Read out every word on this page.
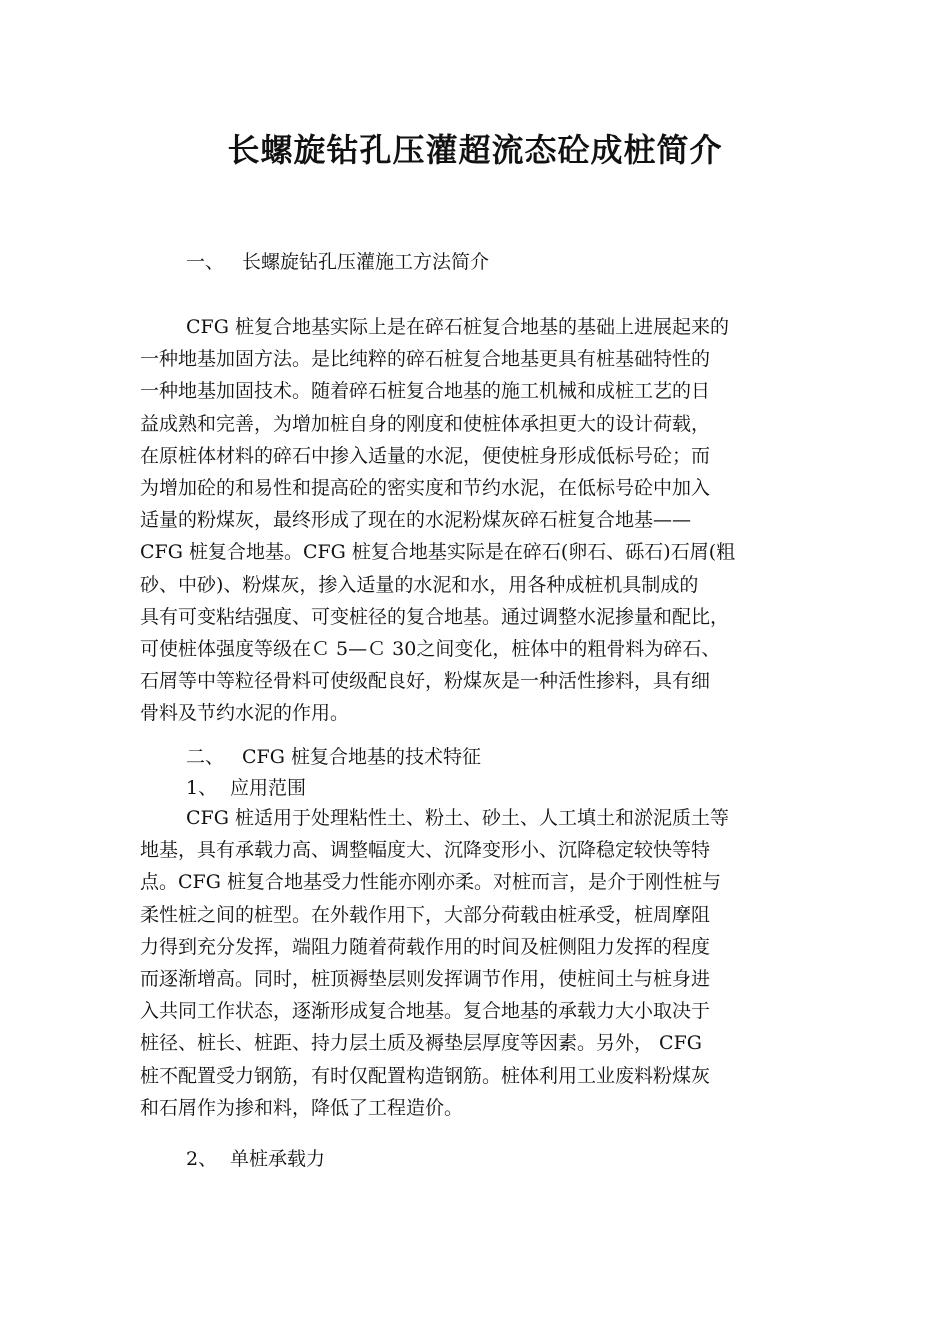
长螺旋钻孔压灌超流态砼成桩简介

一、 长螺旋钻孔压灌施工方法简介

CFG 桩复合地基实际上是在碎石桩复合地基的基础上进展起来的
一种地基加固方法。是比纯粹的碎石桩复合地基更具有桩基础特性的
一种地基加固技术。随着碎石桩复合地基的施工机械和成桩工艺的日
益成熟和完善，为增加桩自身的刚度和使桩体承担更大的设计荷载，
在原桩体材料的碎石中掺入适量的水泥，便使桩身形成低标号砼；而
为增加砼的和易性和提高砼的密实度和节约水泥，在低标号砼中加入
适量的粉煤灰，最终形成了现在的水泥粉煤灰碎石桩复合地基——
CFG 桩复合地基。CFG 桩复合地基实际是在碎石(卵石、砾石)石屑(粗
砂、中砂)、粉煤灰，掺入适量的水泥和水，用各种成桩机具制成的
具有可变粘结强度、可变桩径的复合地基。通过调整水泥掺量和配比，
可使桩体强度等级在Ｃ 5—Ｃ 30之间变化，桩体中的粗骨料为碎石、
石屑等中等粒径骨料可使级配良好，粉煤灰是一种活性掺料，具有细
骨料及节约水泥的作用。

二、 CFG 桩复合地基的技术特征

1、 应用范围

CFG 桩适用于处理粘性土、粉土、砂土、人工填土和淤泥质土等
地基，具有承载力高、调整幅度大、沉降变形小、沉降稳定较快等特
点。CFG 桩复合地基受力性能亦刚亦柔。对桩而言，是介于刚性桩与
柔性桩之间的桩型。在外载作用下，大部分荷载由桩承受，桩周摩阻
力得到充分发挥，端阻力随着荷载作用的时间及桩侧阻力发挥的程度
而逐渐增高。同时，桩顶褥垫层则发挥调节作用，使桩间土与桩身进
入共同工作状态，逐渐形成复合地基。复合地基的承载力大小取决于
桩径、桩长、桩距、持力层土质及褥垫层厚度等因素。另外， CFG
桩不配置受力钢筋，有时仅配置构造钢筋。桩体利用工业废料粉煤灰
和石屑作为掺和料，降低了工程造价。

2、 单桩承载力
